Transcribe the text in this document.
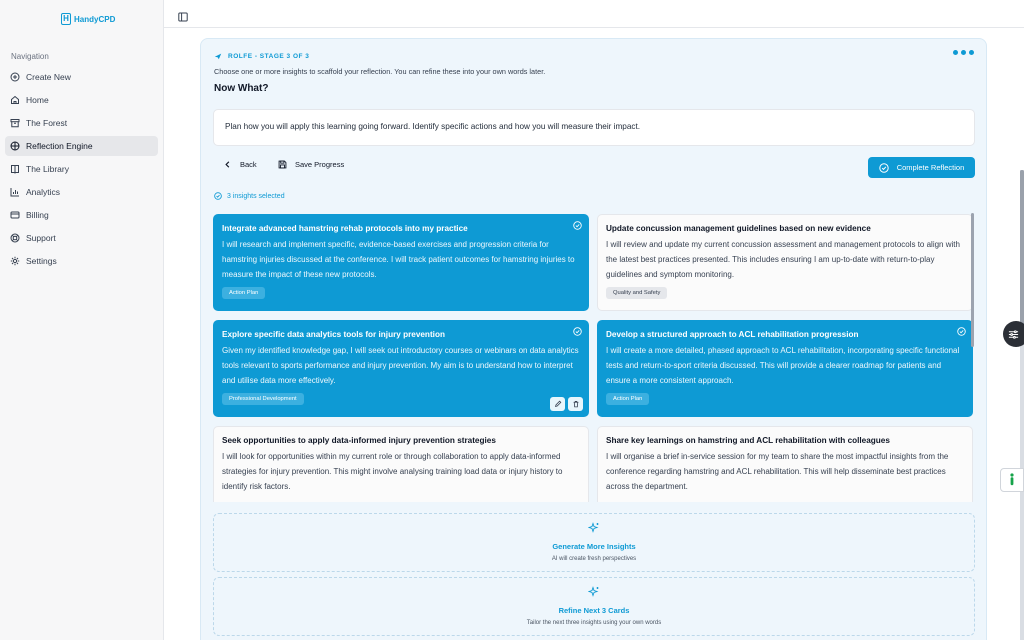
H HandyCPD
Navigation
Create New
Home
The Forest
Reflection Engine
The Library
Analytics
Billing
Support
Settings
ROLFE - STAGE 3 OF 3
Choose one or more insights to scaffold your reflection. You can refine these into your own words later.
Now What?
Plan how you will apply this learning going forward. Identify specific actions and how you will measure their impact.
Back	Save Progress	Complete Reflection
3 insights selected
Integrate advanced hamstring rehab protocols into my practice
I will research and implement specific, evidence-based exercises and progression criteria for hamstring injuries discussed at the conference. I will track patient outcomes for hamstring injuries to measure the impact of these new protocols.
Action Plan
Update concussion management guidelines based on new evidence
I will review and update my current concussion assessment and management protocols to align with the latest best practices presented. This includes ensuring I am up-to-date with return-to-play guidelines and symptom monitoring.
Quality and Safety
Explore specific data analytics tools for injury prevention
Given my identified knowledge gap, I will seek out introductory courses or webinars on data analytics tools relevant to sports performance and injury prevention. My aim is to understand how to interpret and utilise data more effectively.
Professional Development
Develop a structured approach to ACL rehabilitation progression
I will create a more detailed, phased approach to ACL rehabilitation, incorporating specific functional tests and return-to-sport criteria discussed. This will provide a clearer roadmap for patients and ensure a more consistent approach.
Action Plan
Seek opportunities to apply data-informed injury prevention strategies
I will look for opportunities within my current role or through collaboration to apply data-informed strategies for injury prevention. This might involve analysing training load data or injury history to identify risk factors.
Share key learnings on hamstring and ACL rehabilitation with colleagues
I will organise a brief in-service session for my team to share the most impactful insights from the conference regarding hamstring and ACL rehabilitation. This will help disseminate best practices across the department.
Generate More Insights
AI will create fresh perspectives
Refine Next 3 Cards
Tailor the next three insights using your own words
